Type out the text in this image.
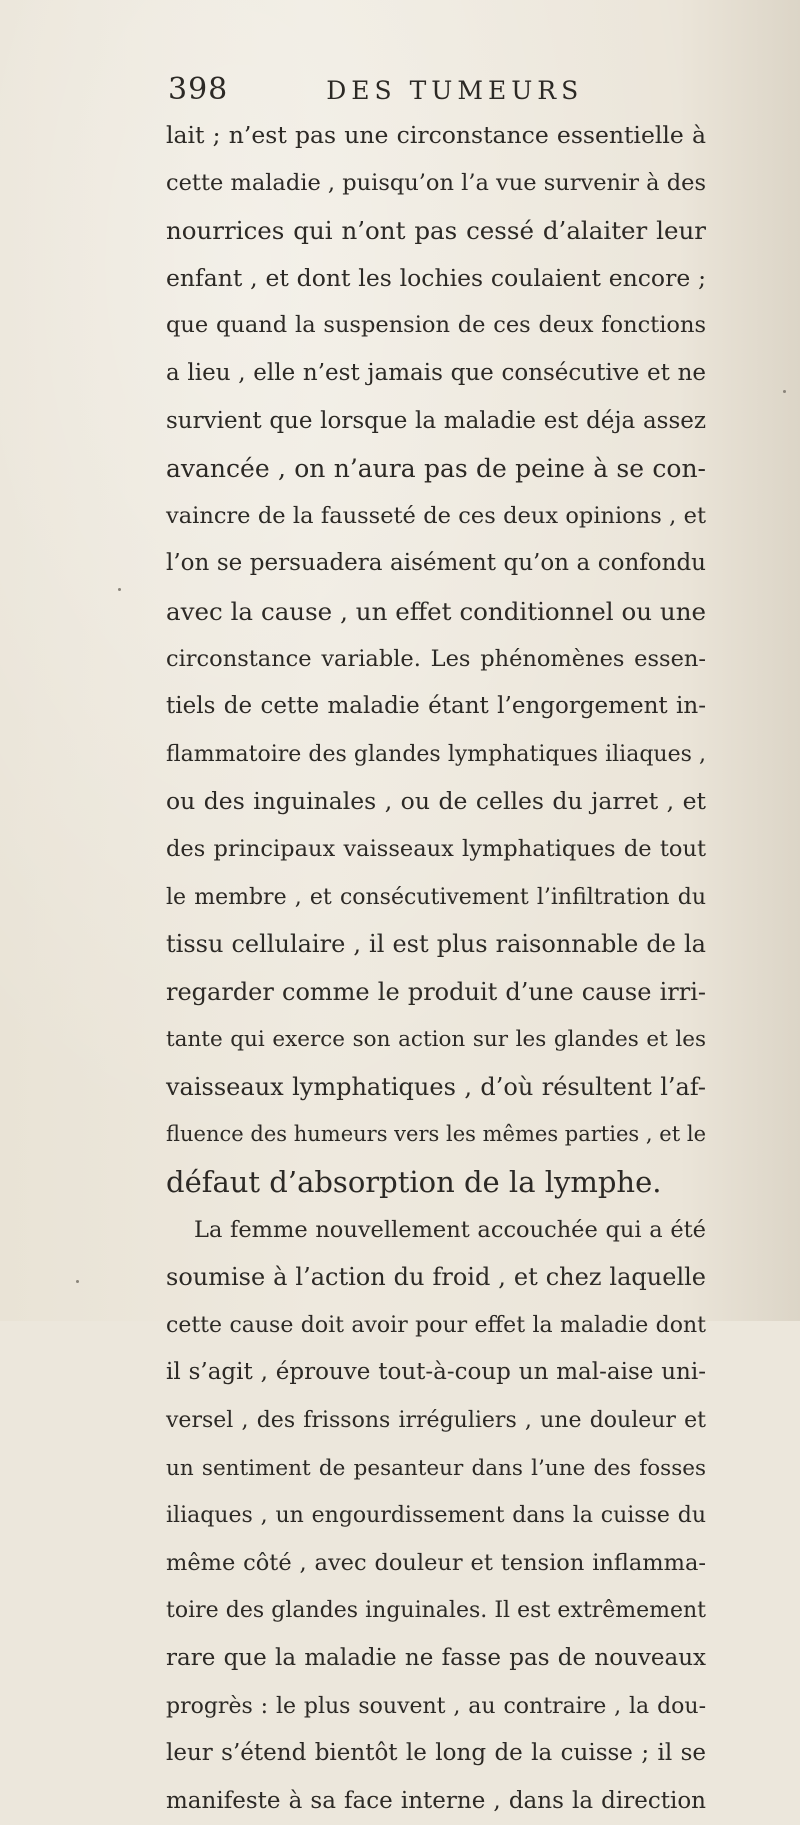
398	DES TUMEURS
lait ; n’est pas une circonstance essentielle à
cette maladie , puisqu’on l’a vue survenir à des
nourrices qui n’ont pas cessé d’alaiter leur
enfant , et dont les lochies coulaient encore ;
que quand la suspension de ces deux fonctions
a lieu , elle n’est jamais que consécutive et ne
survient que lorsque la maladie est déja assez
avancée , on n’aura pas de peine à se con-
vaincre de la fausseté de ces deux opinions , et
l’on se persuadera aisément qu’on a confondu
avec la cause , un effet conditionnel ou une
circonstance variable. Les phénomènes essen-
tiels de cette maladie étant l’engorgement in-
flammatoire des glandes lymphatiques iliaques ,
ou des inguinales , ou de celles du jarret , et
des principaux vaisseaux lymphatiques de tout
le membre , et consécutivement l’infiltration du
tissu cellulaire , il est plus raisonnable de la
regarder comme le produit d’une cause irri-
tante qui exerce son action sur les glandes et les
vaisseaux lymphatiques , d’où résultent l’af-
fluence des humeurs vers les mêmes parties , et le
défaut d’absorption de la lymphe.
La femme nouvellement accouchée qui a été
soumise à l’action du froid , et chez laquelle
cette cause doit avoir pour effet la maladie dont
il s’agit , éprouve tout-à-coup un mal-aise uni-
versel , des frissons irréguliers , une douleur et
un sentiment de pesanteur dans l’une des fosses
iliaques , un engourdissement dans la cuisse du
même côté , avec douleur et tension inflamma-
toire des glandes inguinales. Il est extrêmement
rare que la maladie ne fasse pas de nouveaux
progrès : le plus souvent , au contraire , la dou-
leur s’étend bientôt le long de la cuisse ; il se
manifeste à sa face interne , dans la direction
